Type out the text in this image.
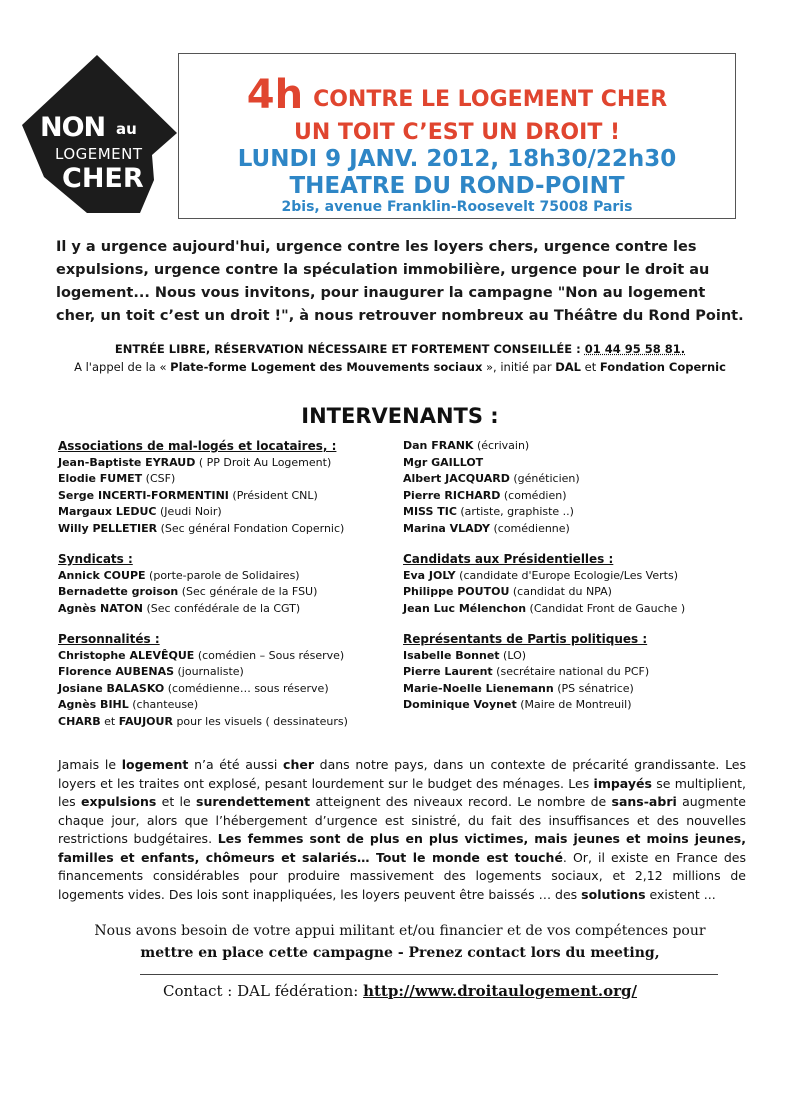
NON au
LOGEMENT
CHER
4h CONTRE LE LOGEMENT CHER
UN TOIT C’EST UN DROIT !
LUNDI 9 JANV. 2012, 18h30/22h30
THEATRE DU ROND-POINT
2bis, avenue Franklin-Roosevelt 75008 Paris

Il y a urgence aujourd'hui, urgence contre les loyers chers, urgence contre les expulsions, urgence contre la spéculation immobilière, urgence pour le droit au logement... Nous vous invitons, pour inaugurer la campagne "Non au logement cher, un toit c’est un droit !", à nous retrouver nombreux au Théâtre du Rond Point.

ENTRÉE LIBRE, RÉSERVATION NÉCESSAIRE ET FORTEMENT CONSEILLÉE : 01 44 95 58 81.
A l'appel de la « Plate-forme Logement des Mouvements sociaux », initié par DAL et Fondation Copernic
INTERVENANTS :
Associations de mal-logés et locataires, :
Jean-Baptiste EYRAUD ( PP Droit Au Logement)
Elodie FUMET (CSF)
Serge INCERTI-FORMENTINI (Président CNL)
Margaux LEDUC (Jeudi Noir)
Willy PELLETIER (Sec général Fondation Copernic)
Syndicats :
Annick COUPE (porte-parole de Solidaires)
Bernadette groison (Sec générale de la FSU)
Agnès NATON (Sec confédérale de la CGT)
Personnalités :
Christophe ALEVÊQUE (comédien – Sous réserve)
Florence AUBENAS (journaliste)
Josiane BALASKO (comédienne… sous réserve)
Agnès BIHL (chanteuse)
CHARB et FAUJOUR pour les visuels ( dessinateurs)
Dan FRANK (écrivain)
Mgr GAILLOT
Albert JACQUARD (généticien)
Pierre RICHARD (comédien)
MISS TIC (artiste, graphiste ..)
Marina VLADY (comédienne)
Candidats aux Présidentielles :
Eva JOLY (candidate d'Europe Ecologie/Les Verts)
Philippe POUTOU (candidat du NPA)
Jean Luc Mélenchon (Candidat Front de Gauche )
Représentants de Partis politiques :
Isabelle Bonnet (LO)
Pierre Laurent (secrétaire national du PCF)
Marie-Noelle Lienemann (PS sénatrice)
Dominique Voynet (Maire de Montreuil)

Jamais le logement n’a été aussi cher dans notre pays, dans un contexte de précarité grandissante. Les loyers et les traites ont explosé, pesant lourdement sur le budget des ménages. Les impayés se multiplient, les expulsions et le surendettement atteignent des niveaux record. Le nombre de sans-abri augmente chaque jour, alors que l’hébergement d’urgence est sinistré, du fait des insuffisances et des nouvelles restrictions budgétaires. Les femmes sont de plus en plus victimes, mais jeunes et moins jeunes, familles et enfants, chômeurs et salariés… Tout le monde est touché. Or, il existe en France des financements considérables pour produire massivement des logements sociaux, et 2,12 millions de logements vides. Des lois sont inappliquées, les loyers peuvent être baissés … des solutions existent ...

Nous avons besoin de votre appui militant et/ou financier et de vos compétences pour
mettre en place cette campagne - Prenez contact lors du meeting,
Contact : DAL fédération: http://www.droitaulogement.org/
